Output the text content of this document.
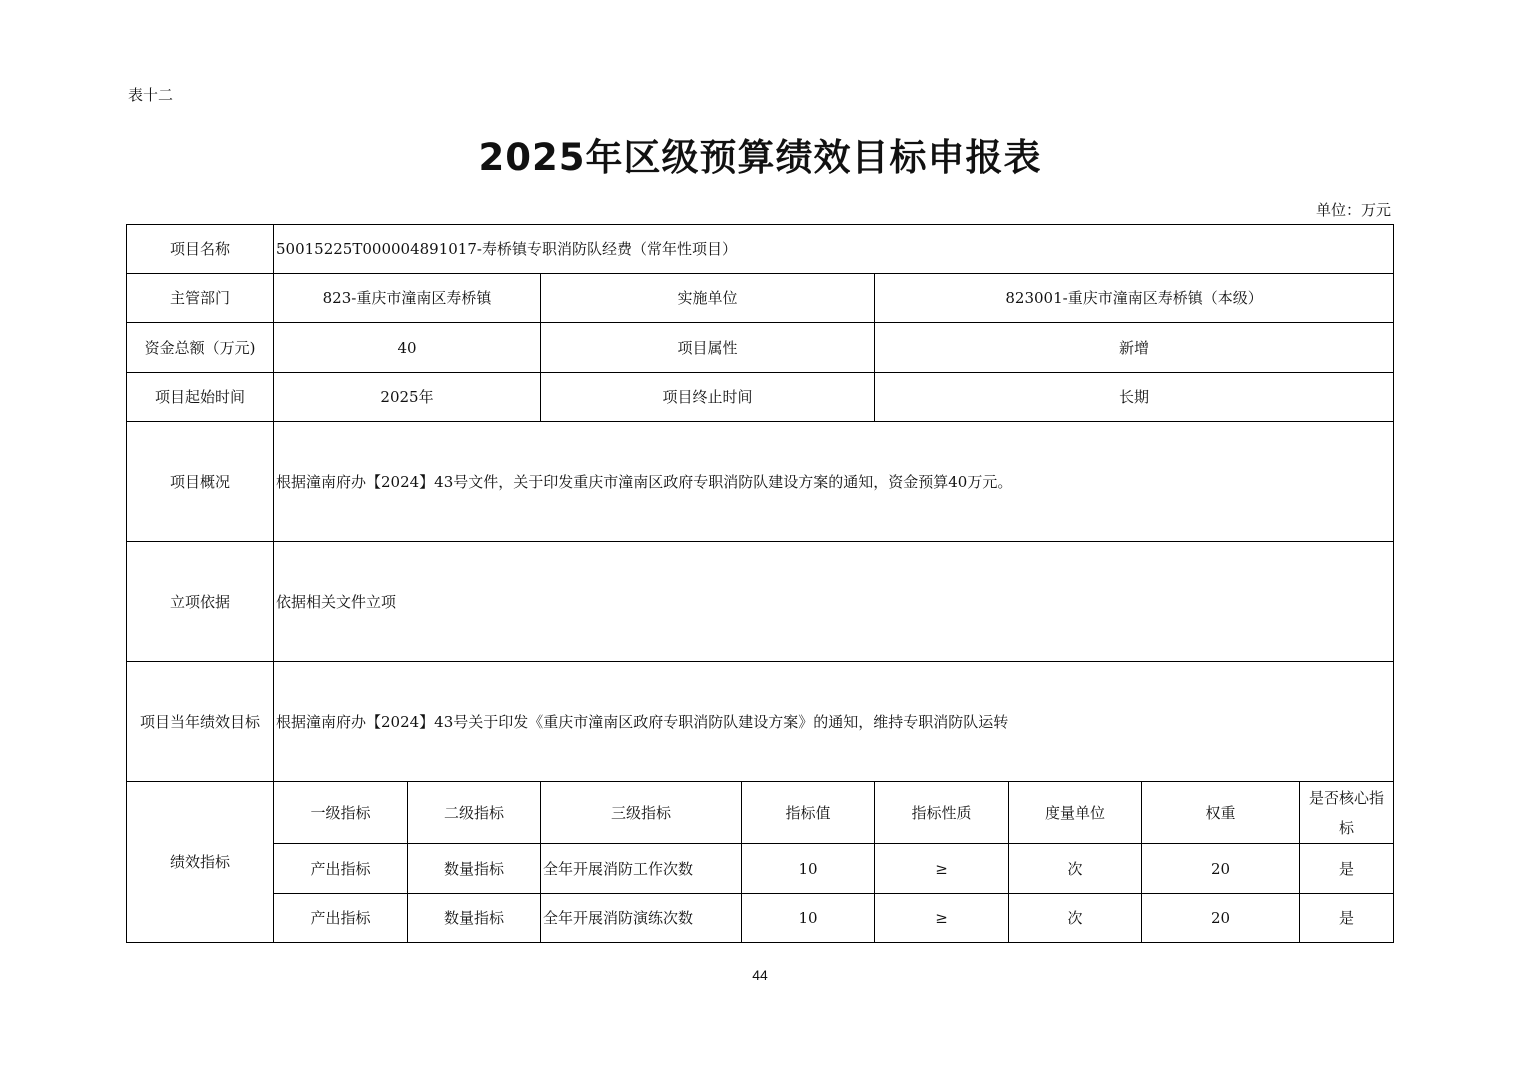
表十二
2025年区级预算绩效目标申报表
单位：万元
项目名称	50015225T000004891017-寿桥镇专职消防队经费（常年性项目）							
主管部门	823-重庆市潼南区寿桥镇		实施单位		823001-重庆市潼南区寿桥镇（本级）			
资金总额（万元)	40		项目属性		新增			
项目起始时间	2025年		项目终止时间		长期			
项目概况	根据潼南府办【2024】43号文件，关于印发重庆市潼南区政府专职消防队建设方案的通知，资金预算40万元。							
立项依据	依据相关文件立项							
项目当年绩效目标	根据潼南府办【2024】43号关于印发《重庆市潼南区政府专职消防队建设方案》的通知，维持专职消防队运转							
绩效指标	一级指标	二级指标	三级指标	指标值	指标性质	度量单位	权重	是否核心指标
	产出指标	数量指标	全年开展消防工作次数	10	≥	次	20	是
	产出指标	数量指标	全年开展消防演练次数	10	≥	次	20	是
44
